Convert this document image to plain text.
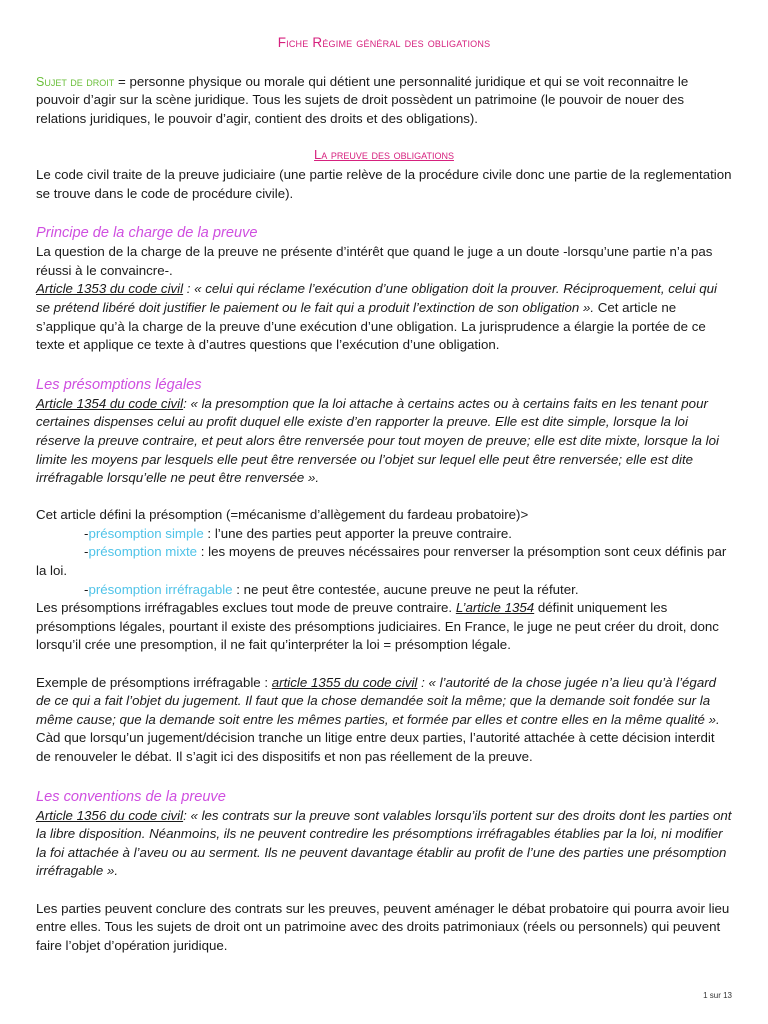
Fiche Régime général des obligations

Sujet de droit = personne physique ou morale qui détient une personnalité juridique et qui se voit reconnaitre le pouvoir d’agir sur la scène juridique. Tous les sujets de droit possèdent un patrimoine (le pouvoir de nouer des relations juridiques, le pouvoir d’agir, contient des droits et des obligations).

La preuve des obligations

Le code civil traite de la preuve judiciaire (une partie relève de la procédure civile donc une partie de la reglementation se trouve dans le code de procédure civile).

Principe de la charge de la preuve

La question de la charge de la preuve ne présente d’intérêt que quand le juge a un doute -lorsqu’une partie n’a pas réussi à le convaincre-.

Article 1353 du code civil : « celui qui réclame l’exécution d’une obligation doit la prouver. Réciproquement, celui qui se prétend libéré doit justifier le paiement ou le fait qui a produit l’extinction de son obligation ». Cet article ne s’applique qu’à la charge de la preuve d’une exécution d’une obligation. La jurisprudence a élargie la portée de ce texte et applique ce texte à d’autres questions que l’exécution d’une obligation.

Les présomptions légales

Article 1354 du code civil: « la presomption que la loi attache à certains actes ou à certains faits en les tenant pour certaines dispenses celui au profit duquel elle existe d’en rapporter la preuve. Elle est dite simple, lorsque la loi réserve la preuve contraire, et peut alors être renversée pour tout moyen de preuve; elle est dite mixte, lorsque la loi limite les moyens par lesquels elle peut être renversée ou l’objet sur lequel elle peut être renversée; elle est dite irréfragable lorsqu’elle ne peut être renversée ».

Cet article défini la présomption (=mécanisme d’allègement du fardeau probatoire)>

-présomption simple : l’une des parties peut apporter la preuve contraire.

-présomption mixte : les moyens de preuves nécéssaires pour renverser la présomption sont ceux définis par la loi.

-présomption irréfragable : ne peut être contestée, aucune preuve ne peut la réfuter.

Les présomptions irréfragables exclues tout mode de preuve contraire. L’article 1354 définit uniquement les présomptions légales, pourtant il existe des présomptions judiciaires. En France, le juge ne peut créer du droit, donc lorsqu’il crée une presomption, il ne fait qu’interpréter la loi = présomption légale.

Exemple de présomptions irréfragable : article 1355 du code civil : « l’autorité de la chose jugée n’a lieu qu’à l’égard de ce qui a fait l’objet du jugement. Il faut que la chose demandée soit la même; que la demande soit fondée sur la même cause; que la demande soit entre les mêmes parties, et formée par elles et contre elles en la même qualité ». Càd que lorsqu’un jugement/décision tranche un litige entre deux parties, l’autorité attachée à cette décision interdit de renouveler le débat. Il s’agit ici des dispositifs et non pas réellement de la preuve.

Les conventions de la preuve

Article 1356 du code civil: « les contrats sur la preuve sont valables lorsqu’ils portent sur des droits dont les parties ont la libre disposition. Néanmoins, ils ne peuvent contredire les présomptions irréfragables établies par la loi, ni modifier la foi attachée à l’aveu ou au serment. Ils ne peuvent davantage établir au profit de l’une des parties une présomption irréfragable ».

Les parties peuvent conclure des contrats sur les preuves, peuvent aménager le débat probatoire qui pourra avoir lieu entre elles. Tous les sujets de droit ont un patrimoine avec des droits patrimoniaux (réels ou personnels) qui peuvent faire l’objet d’opération juridique.

1 sur 13
